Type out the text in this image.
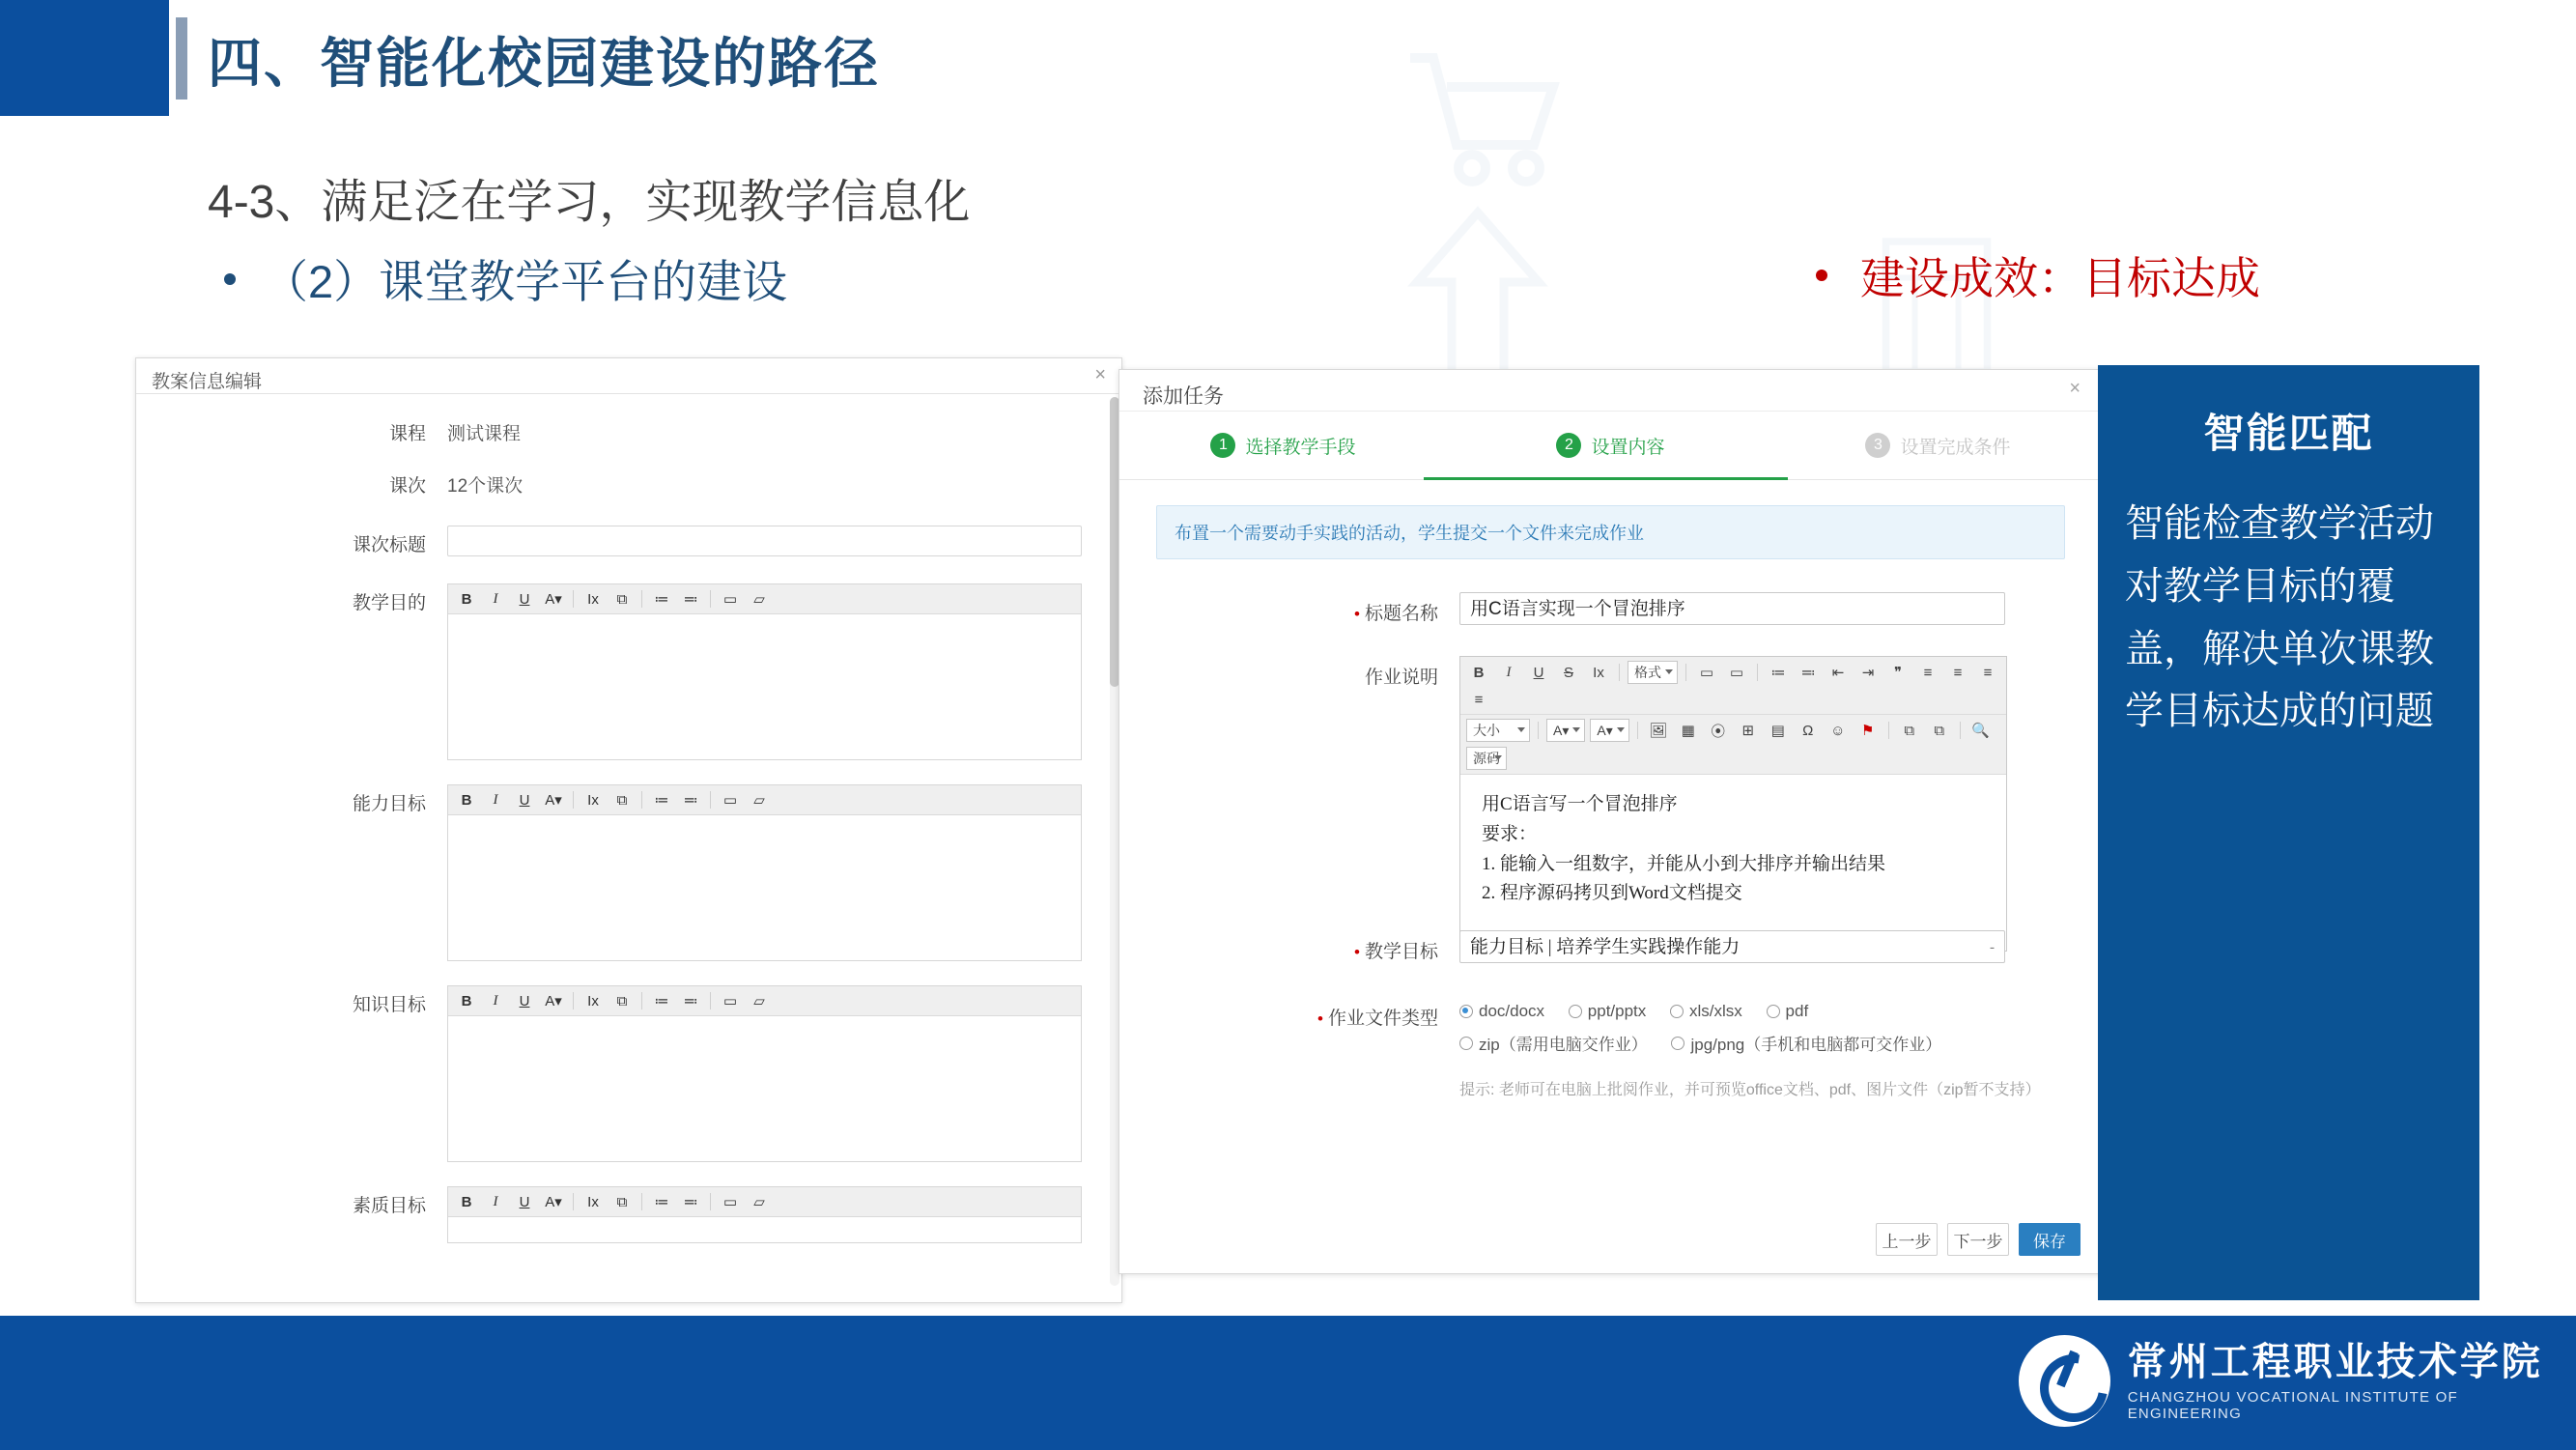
四、智能化校园建设的路径
4-3、满足泛在学习，实现教学信息化
（2）课堂教学平台的建设	建设成效：目标达成
教案信息编辑	×
课程 测试课程
课次 12个课次
课次标题
教学目的	B	I	U	A▾	Ix	⧉	≔	≕	▭	▱
能力目标	B	I	U	A▾	Ix	⧉	≔	≕	▭	▱
知识目标	B	I	U	A▾	Ix	⧉	≔	≕	▭	▱
素质目标	B	I	U	A▾	Ix	⧉	≔	≕	▭	▱
添加任务	×
1 选择教学手段	2 设置内容	3 设置完成条件
布置一个需要动手实践的活动，学生提交一个文件来完成作业
• 标题名称	用C语言实现一个冒泡排序
作业说明	B	I	U	S	Ix	格式	▭	▭	≔	≕	⇤	⇥	❞	≡	≡	≡
≡
大小	A▾	A▾	🖼 ▦	⦿	⊞	▤	Ω	☺	⚑	⧉	⧉	🔍
源码
用C语言写一个冒泡排序
要求：
1. 能输入一组数字，并能从小到大排序并输出结果
2. 程序源码拷贝到Word文档提交
• 教学目标	能力目标 | 培养学生实践操作能力	-
• 作业文件类型 doc/docx
	ppt/pptx
	xls/xlsx
	pdf

zip（需用电脑交作业）
	jpg/png（手机和电脑都可交作业）
提示: 老师可在电脑上批阅作业，并可预览office文档、pdf、图片文件（zip暂不支持）
上一步	下一步	保存
智能匹配
智能检查教学活动对教学目标的覆盖，解决单次课教学目标达成的问题
常州工程职业技术学院
CHANGZHOU VOCATIONAL INSTITUTE OF ENGINEERING
